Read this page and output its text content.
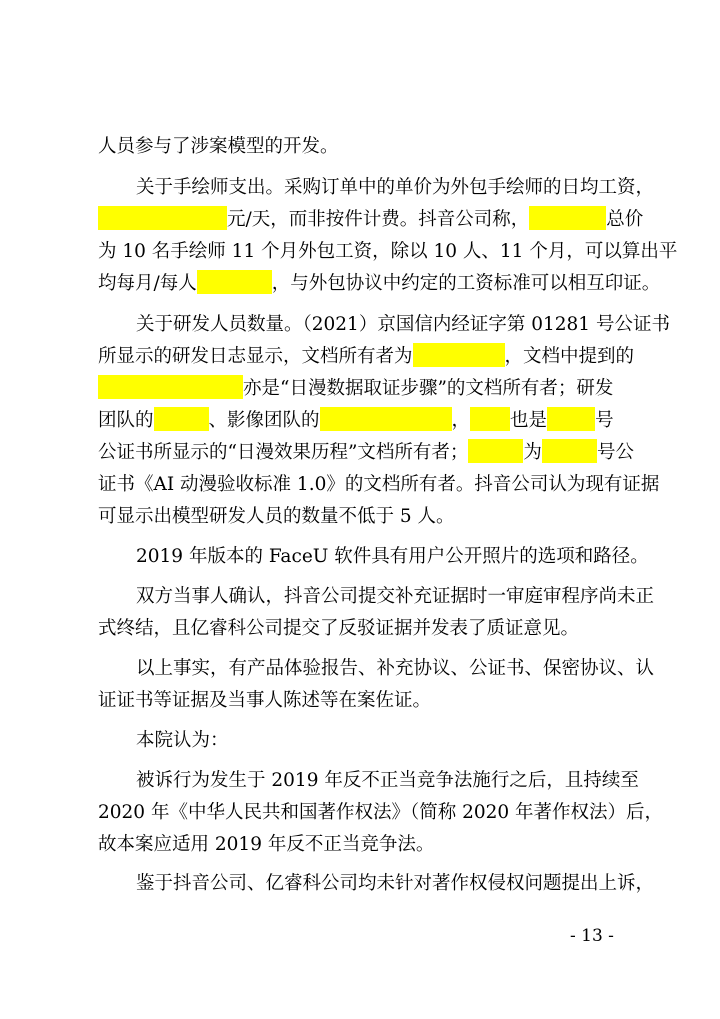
人员参与了涉案模型的开发。
关于手绘师支出。采购订单中的单价为外包手绘师的日均工资，
元/天，而非按件计费。抖音公司称，	总价
为 10 名手绘师 11 个月外包工资，除以 10 人、11 个月，可以算出平
均每月/每人	，与外包协议中约定的工资标准可以相互印证。
关于研发人员数量。（2021）京国信内经证字第 01281 号公证书
所显示的研发日志显示，文档所有者为	，文档中提到的
亦是“日漫数据取证步骤”的文档所有者；研发
团队的	、影像团队的	， 也是	号
公证书所显示的“日漫效果历程”文档所有者；	为	号公
证书《AI 动漫验收标准 1.0》的文档所有者。抖音公司认为现有证据
可显示出模型研发人员的数量不低于 5 人。
2019 年版本的 FaceU 软件具有用户公开照片的选项和路径。
双方当事人确认，抖音公司提交补充证据时一审庭审程序尚未正
式终结，且亿睿科公司提交了反驳证据并发表了质证意见。
以上事实，有产品体验报告、补充协议、公证书、保密协议、认
证证书等证据及当事人陈述等在案佐证。
本院认为：
被诉行为发生于 2019 年反不正当竞争法施行之后，且持续至
2020 年《中华人民共和国著作权法》（简称 2020 年著作权法）后，
故本案应适用 2019 年反不正当竞争法。
鉴于抖音公司、亿睿科公司均未针对著作权侵权问题提出上诉，
- 13 -
